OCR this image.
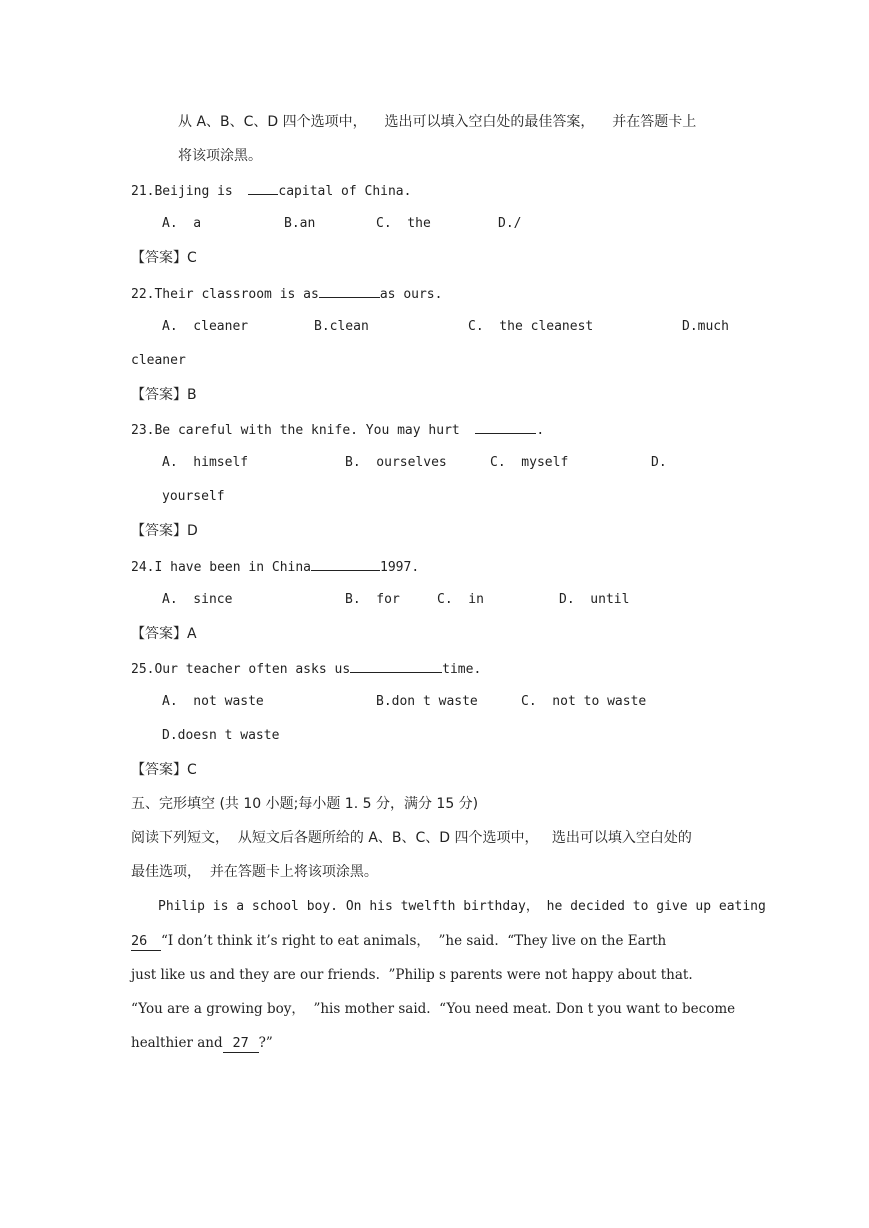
从 A、B、C、D 四个选项中，    选出可以填入空白处的最佳答案，    并在答题卡上
将该项涂黑。
21.Beijing is  capital of China.
A.  a	B.an	C.  the	D./
【答案】C
22.Their classroom is as	as ours.
A.  cleaner	B.clean	C.  the cleanest	D.much
cleaner
【答案】B
23.Be careful with the knife. You may hurt	.
A.  himself	B.  ourselves	C.  myself	D.
yourself
【答案】D
24.I have been in China	1997.
A.  since	B.  for	C.  in	D.  until
【答案】A
25.Our teacher often asks us	time.
A.  not waste	B.don t waste	C.  not to waste
D.doesn t waste
【答案】C
五、完形填空 (共 10 小题;每小题 1. 5 分，满分 15 分)
阅读下列短文，  从短文后各题所给的 A、B、C、D 四个选项中，   选出可以填入空白处的
最佳选项，  并在答题卡上将该项涂黑。
Philip is a school boy. On his twelfth birthday， he decided to give up eating
26 “I don’t think it’s right to eat animals，  ”he said.  “They live on the Earth
just like us and they are our friends.  ”Philip s parents were not happy about that.
“You are a growing boy，  ”his mother said.  “You need meat. Don t you want to become
healthier and 27 ?”
